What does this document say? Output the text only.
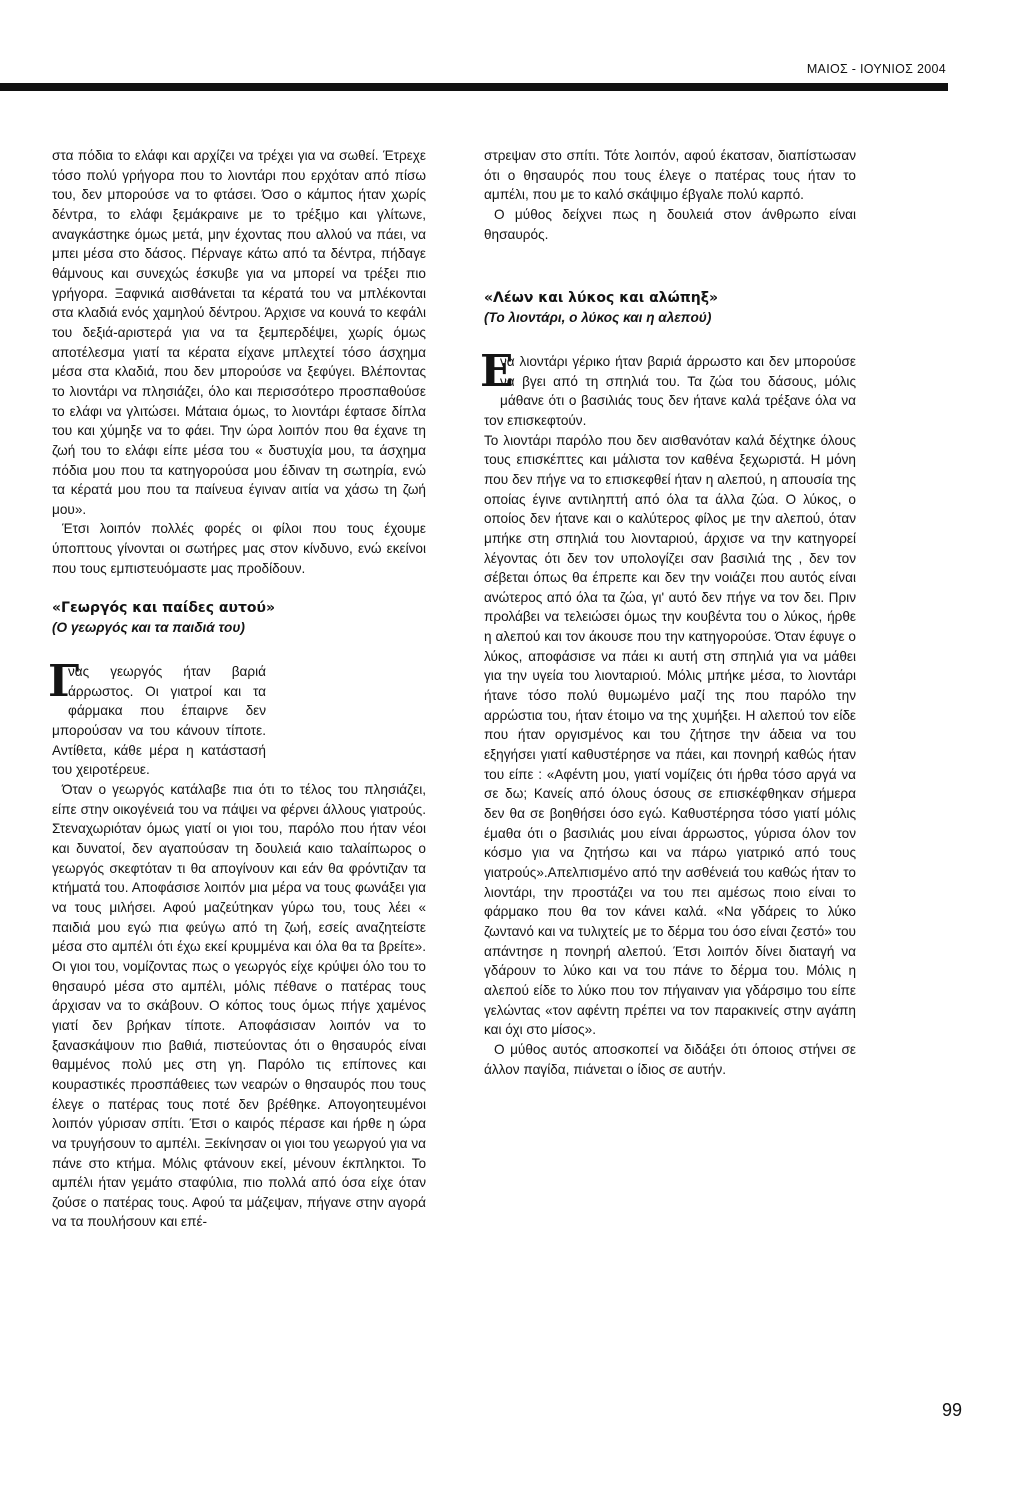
ΜΑΙΟΣ - ΙΟΥΝΙΟΣ 2004

στα πόδια το ελάφι και αρχίζει να τρέχει για να σωθεί. Έτρεχε τόσο πολύ γρήγορα που το λιοντάρι που ερχόταν από πίσω του, δεν μπορούσε να το φτάσει. Όσο ο κάμπος ήταν χωρίς δέντρα, το ελάφι ξεμάκραινε με το τρέξιμο και γλίτωνε, αναγκάστηκε όμως μετά, μην έχοντας που αλλού να πάει, να μπει μέσα στο δάσος. Πέρναγε κάτω από τα δέντρα, πήδαγε θάμνους και συνεχώς έσκυβε για να μπορεί να τρέξει πιο γρήγορα. Ξαφνικά αισθάνεται τα κέρατά του να μπλέκονται στα κλαδιά ενός χαμηλού δέντρου. Άρχισε να κουνά το κεφάλι του δεξιά-αριστερά για να τα ξεμπερδέψει, χωρίς όμως αποτέλεσμα γιατί τα κέρατα είχανε μπλεχτεί τόσο άσχημα μέσα στα κλαδιά, που δεν μπορούσε να ξεφύγει. Βλέποντας το λιοντάρι να πλησιάζει, όλο και περισσότερο προσπαθούσε το ελάφι να γλιτώσει. Μάταια όμως, το λιοντάρι έφτασε δίπλα του και χύμηξε να το φάει. Την ώρα λοιπόν που θα έχανε τη ζωή του το ελάφι είπε μέσα του « δυστυχία μου, τα άσχημα πόδια μου που τα κατηγορούσα μου έδιναν τη σωτηρία, ενώ τα κέρατά μου που τα παίνευα έγιναν αιτία να χάσω τη ζωή μου».

Έτσι λοιπόν πολλές φορές οι φίλοι που τους έχουμε ύποπτους γίνονται οι σωτήρες μας στον κίνδυνο, ενώ εκείνοι που τους εμπιστευόμαστε μας προδίδουν.

«Γεωργός και παίδες αυτού»
(Ο γεωργός και τα παιδιά του)
Γ
νας γεωργός ήταν βαριά άρρωστος. Οι γιατροί και τα φάρμακα που έπαιρνε δεν μπορούσαν να του κάνουν τίποτε. Αντίθετα, κάθε μέρα η κατάστασή του χειροτέρευε.

Όταν ο γεωργός κατάλαβε πια ότι το τέλος του πλησιάζει, είπε στην οικογένειά του να πάψει να φέρνει άλλους γιατρούς. Στεναχωριόταν όμως γιατί οι γιοι του, παρόλο που ήταν νέοι και δυνατοί, δεν αγαπούσαν τη δουλειά καιο ταλαίπωρος ο γεωργός σκεφτόταν τι θα απογίνουν και εάν θα φρόντιζαν τα κτήματά του. Αποφάσισε λοιπόν μια μέρα να τους φωνάξει για να τους μιλήσει. Αφού μαζεύτηκαν γύρω του, τους λέει « παιδιά μου εγώ πια φεύγω από τη ζωή, εσείς αναζητείστε μέσα στο αμπέλι ότι έχω εκεί κρυμμένα και όλα θα τα βρείτε». Οι γιοι του, νομίζοντας πως ο γεωργός είχε κρύψει όλο του το θησαυρό μέσα στο αμπέλι, μόλις πέθανε ο πατέρας τους άρχισαν να το σκάβουν. Ο κόπος τους όμως πήγε χαμένος γιατί δεν βρήκαν τίποτε. Αποφάσισαν λοιπόν να το ξανασκάψουν πιο βαθιά, πιστεύοντας ότι ο θησαυρός είναι θαμμένος πολύ μες στη γη. Παρόλο τις επίπονες και κουραστικές προσπάθειες των νεαρών ο θησαυρός που τους έλεγε ο πατέρας τους ποτέ δεν βρέθηκε. Απογοητευμένοι λοιπόν γύρισαν σπίτι. Έτσι ο καιρός πέρασε και ήρθε η ώρα να τρυγήσουν το αμπέλι. Ξεκίνησαν οι γιοι του γεωργού για να πάνε στο κτήμα. Μόλις φτάνουν εκεί, μένουν έκπληκτοι. Το αμπέλι ήταν γεμάτο σταφύλια, πιο πολλά από όσα είχε όταν ζούσε ο πατέρας τους. Αφού τα μάζεψαν, πήγανε στην αγορά να τα πουλήσουν και επέ-

στρεψαν στο σπίτι. Τότε λοιπόν, αφού έκατσαν, διαπίστωσαν ότι ο θησαυρός που τους έλεγε ο πατέρας τους ήταν το αμπέλι, που με το καλό σκάψιμο έβγαλε πολύ καρπό.

Ο μύθος δείχνει πως η δουλειά στον άνθρωπο είναι θησαυρός.

«Λέων και λύκος και αλώπηξ»
(Το λιοντάρι, ο λύκος και η αλεπού)
Ε
να λιοντάρι γέρικο ήταν βαριά άρρωστο και δεν μπορούσε να βγει από τη σπηλιά του. Τα ζώα του δάσους, μόλις μάθανε ότι ο βασιλιάς τους δεν ήτανε καλά τρέξανε όλα να τον επισκεφτούν.

Το λιοντάρι παρόλο που δεν αισθανόταν καλά δέχτηκε όλους τους επισκέπτες και μάλιστα τον καθένα ξεχωριστά. Η μόνη που δεν πήγε να το επισκεφθεί ήταν η αλεπού, η απουσία της οποίας έγινε αντιληπτή από όλα τα άλλα ζώα. Ο λύκος, ο οποίος δεν ήτανε και ο καλύτερος φίλος με την αλεπού, όταν μπήκε στη σπηλιά του λιονταριού, άρχισε να την κατηγορεί λέγοντας ότι δεν τον υπολογίζει σαν βασιλιά της , δεν τον σέβεται όπως θα έπρεπε και δεν την νοιάζει που αυτός είναι ανώτερος από όλα τα ζώα, γι' αυτό δεν πήγε να τον δει. Πριν προλάβει να τελειώσει όμως την κουβέντα του ο λύκος, ήρθε η αλεπού και τον άκουσε που την κατηγορούσε. Όταν έφυγε ο λύκος, αποφάσισε να πάει κι αυτή στη σπηλιά για να μάθει για την υγεία του λιονταριού. Μόλις μπήκε μέσα, το λιοντάρι ήτανε τόσο πολύ θυμωμένο μαζί της που παρόλο την αρρώστια του, ήταν έτοιμο να της χυμήξει. Η αλεπού τον είδε που ήταν οργισμένος και του ζήτησε την άδεια να του εξηγήσει γιατί καθυστέρησε να πάει, και πονηρή καθώς ήταν του είπε : «Αφέντη μου, γιατί νομίζεις ότι ήρθα τόσο αργά να σε δω; Κανείς από όλους όσους σε επισκέφθηκαν σήμερα δεν θα σε βοηθήσει όσο εγώ. Καθυστέρησα τόσο γιατί μόλις έμαθα ότι ο βασιλιάς μου είναι άρρωστος, γύρισα όλον τον κόσμο για να ζητήσω και να πάρω γιατρικό από τους γιατρούς».Απελπισμένο από την ασθένειά του καθώς ήταν το λιοντάρι, την προστάζει να του πει αμέσως ποιο είναι το φάρμακο που θα τον κάνει καλά. «Να γδάρεις το λύκο ζωντανό και να τυλιχτείς με το δέρμα του όσο είναι ζεστό» του απάντησε η πονηρή αλεπού. Έτσι λοιπόν δίνει διαταγή να γδάρουν το λύκο και να του πάνε το δέρμα του. Μόλις η αλεπού είδε το λύκο που τον πήγαιναν για γδάρσιμο του είπε γελώντας «τον αφέντη πρέπει να τον παρακινείς στην αγάπη και όχι στο μίσος».

Ο μύθος αυτός αποσκοπεί να διδάξει ότι όποιος στήνει σε άλλον παγίδα, πιάνεται ο ίδιος σε αυτήν.

99
